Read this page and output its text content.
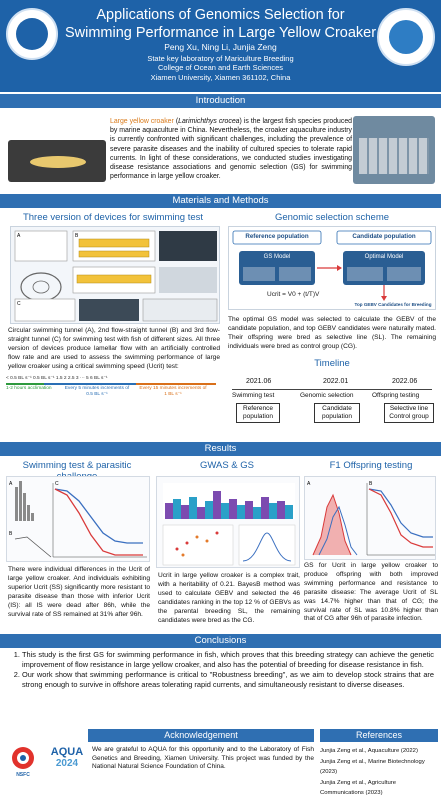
Applications of Genomics Selection for Swimming Performance in Large Yellow Croaker
Peng Xu, Ning Li, Junjia Zeng
State key laboratory of Mariculture Breeding
College of Ocean and Earth Sciences
Xiamen University, Xiamen 361102, China
Introduction
Large yellow croaker (Larimichthys crocea) is the largest fish species produced by marine aquaculture in China. Nevertheless, the croaker aquaculture industry is currently confronted with significant challenges, including the prevalence of severe parasite diseases and the inability of cultured species to tolerate rapid currents. In light of these considerations, we conducted studies investigating disease resistance associations and genomic selection (GS) for swimming performance in large yellow croaker.
Materials and Methods
Three version of devices for swimming test
A	B
C
Circular swimming tunnel (A), 2nd flow-straight tunnel (B) and 3rd flow-straight tunnel (C) for swimming test with fish of different sizes. All three version of devices produce lamellar flow with an artificially controlled flow rate and are used to assess the swimming performance of large yellow croaker using a critical swimming speed (Ucrit) test:
< 0.5 BL s⁻¹ 0.5 BL s⁻¹ 1.5 2 2.5 3 ··· 5 6 BL s⁻¹
1-2 hours acclimation	Every 5 minutes increments of 0.5 BL s⁻¹
Every 15 minutes increments of 1 BL s⁻¹
Genomic selection scheme
Reference population	Candidate population
GS Model	Optimal Model
Top GEBV Candidates for Breeding
Ucrit = V0 + (t/T)V
The optimal GS model was selected to calculate the GEBV of the candidate population, and top GEBV candidates were naturally mated. Their offspring were bred as selective line (SL). The remaining individuals were bred as control group (CG).
Timeline
2021.06	2022.01	2022.06
Swimming test	Genomic selection	Offspring testing
Reference population
Candidate population
Selective line Control group
Results
Swimming test & parasitic
A	C
B
There were individual differences in the Ucrit of large yellow croaker. And individuals exhibiting superior Ucrit (SS) significantly more resistant to parasite disease than those with inferior Ucrit (IS): all IS were dead after 86h, while the survival rate of SS remained at 31% after 96h.
GWAS & GS
Ucrit in large yellow croaker is a complex trait, with a heritability of 0.21. BayesB method was used to calculate GEBV and selected the 46 candidates ranking in the top 12 % of GEBVs as the parental breeding SL, the remaining candidates were bred as the CG.
F1 Offspring testing
A	B
GS for Ucrit in large yellow croaker to produce offspring with both improved swimming performance and resistance to parasite disease: The average Ucrit of SL was 14.7% higher than that of CG; the survival rate of SL was 10.8% higher than that of CG after 96h of parasite infection.
Conclusions
1. This study is the first GS for swimming performance in fish, which proves that this breeding strategy can achieve the genetic improvement of flow resistance in large yellow croaker, and also has the potential of breeding for disease resistance in fish.
2. Our work show that swimming performance is critical to "Robustness breeding", as we aim to develop stock strains that are strong enough to survive in offshore areas tolerating rapid currents, and simultaneously resistant to diverse diseases.
Acknowledgement	References
NSFC
AQUA
2024
We are grateful to AQUA for this opportunity and to the Laboratory of Fish Genetics and Breeding, Xiamen University. This project was funded by the National Natural Science Foundation of China.
Junjia Zeng et al., Aquaculture (2022)
Junjia Zeng et al., Marine Biotechnology (2023)
Junjia Zeng et al., Agriculture Communications (2023)
